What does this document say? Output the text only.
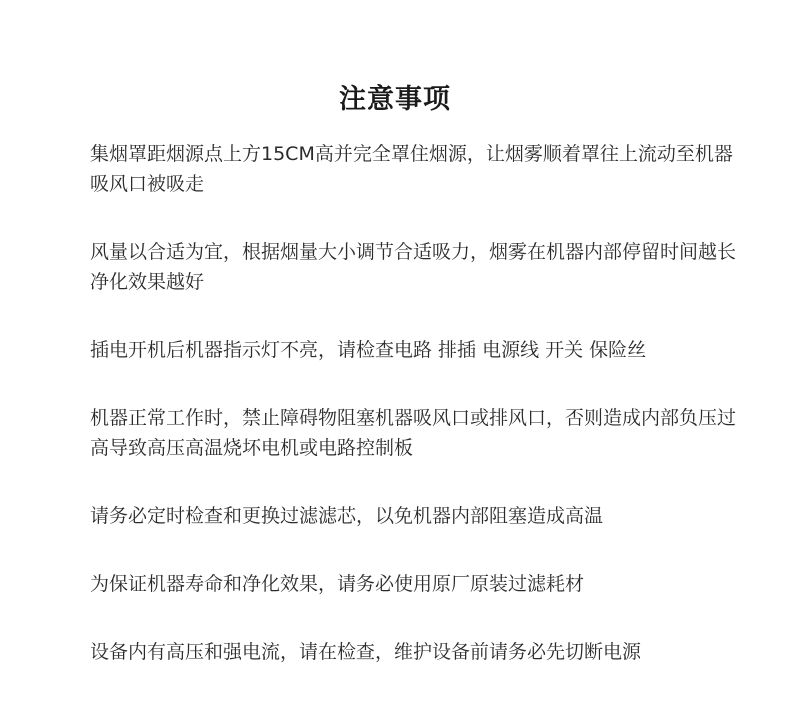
注意事项
集烟罩距烟源点上方15CM高并完全罩住烟源，让烟雾顺着罩往上流动至机器吸风口被吸走
风量以合适为宜，根据烟量大小调节合适吸力，烟雾在机器内部停留时间越长净化效果越好
插电开机后机器指示灯不亮，请检查电路 排插 电源线 开关 保险丝
机器正常工作时，禁止障碍物阻塞机器吸风口或排风口，否则造成内部负压过高导致高压高温烧坏电机或电路控制板
请务必定时检查和更换过滤滤芯，以免机器内部阻塞造成高温
为保证机器寿命和净化效果，请务必使用原厂原装过滤耗材
设备内有高压和强电流，请在检查，维护设备前请务必先切断电源
